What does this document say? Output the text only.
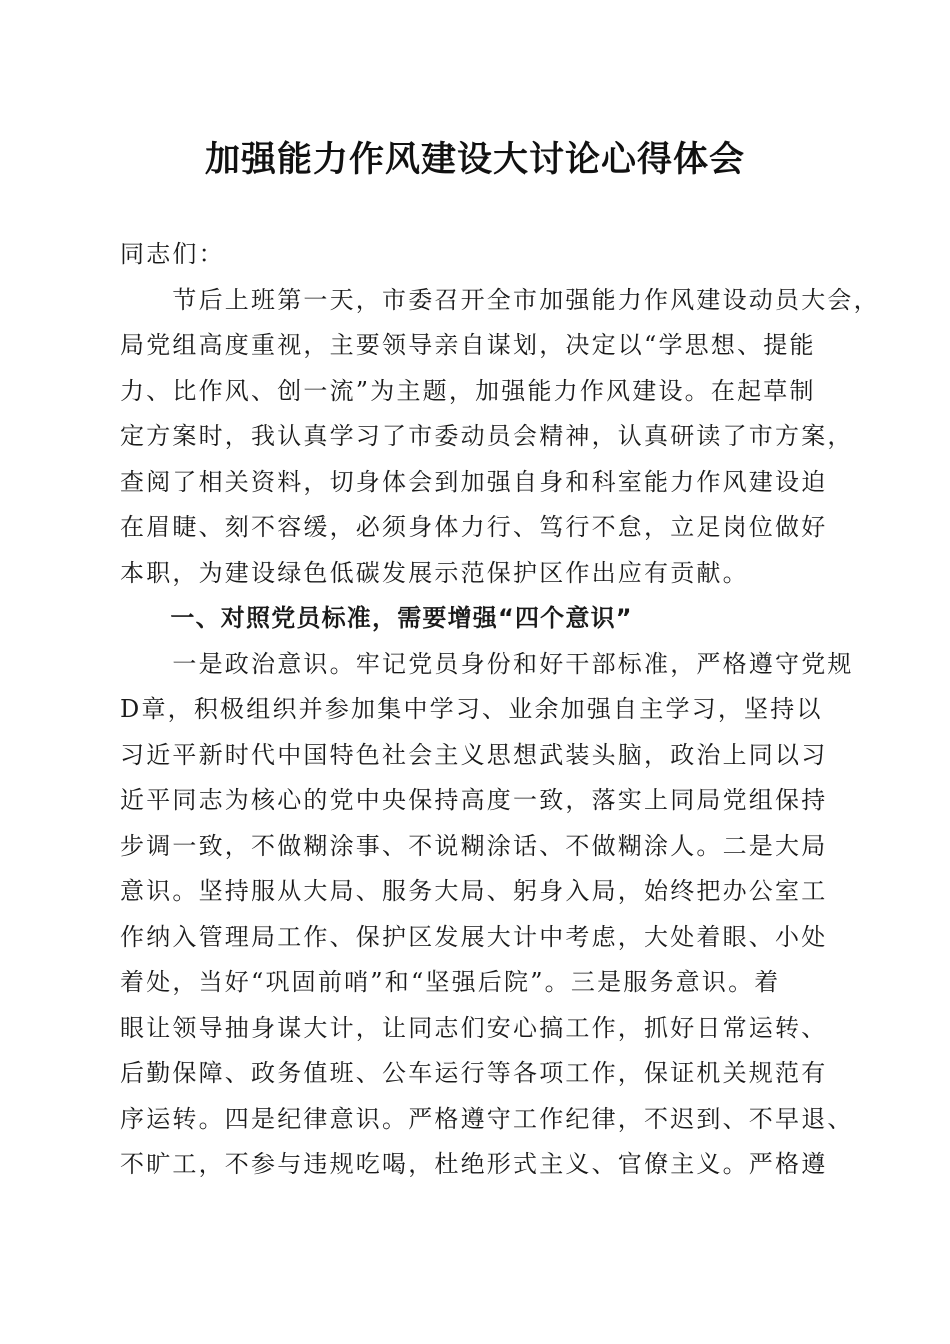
加强能力作风建设大讨论心得体会
同志们：
　　节后上班第一天，市委召开全市加强能力作风建设动员大会，
局党组高度重视，主要领导亲自谋划，决定以“学思想、提能
力、比作风、创一流”为主题，加强能力作风建设。在起草制
定方案时，我认真学习了市委动员会精神，认真研读了市方案，
查阅了相关资料，切身体会到加强自身和科室能力作风建设迫
在眉睫、刻不容缓，必须身体力行、笃行不怠，立足岗位做好
本职，为建设绿色低碳发展示范保护区作出应有贡献。
　　一、对照党员标准，需要增强“四个意识”
　　一是政治意识。牢记党员身份和好干部标准，严格遵守党规
D章，积极组织并参加集中学习、业余加强自主学习，坚持以
习近平新时代中国特色社会主义思想武装头脑，政治上同以习
近平同志为核心的党中央保持高度一致，落实上同局党组保持
步调一致，不做糊涂事、不说糊涂话、不做糊涂人。二是大局
意识。坚持服从大局、服务大局、躬身入局，始终把办公室工
作纳入管理局工作、保护区发展大计中考虑，大处着眼、小处
着处，当好“巩固前哨”和“坚强后院”。三是服务意识。着
眼让领导抽身谋大计，让同志们安心搞工作，抓好日常运转、
后勤保障、政务值班、公车运行等各项工作，保证机关规范有
序运转。四是纪律意识。严格遵守工作纪律，不迟到、不早退、
不旷工，不参与违规吃喝，杜绝形式主义、官僚主义。严格遵
